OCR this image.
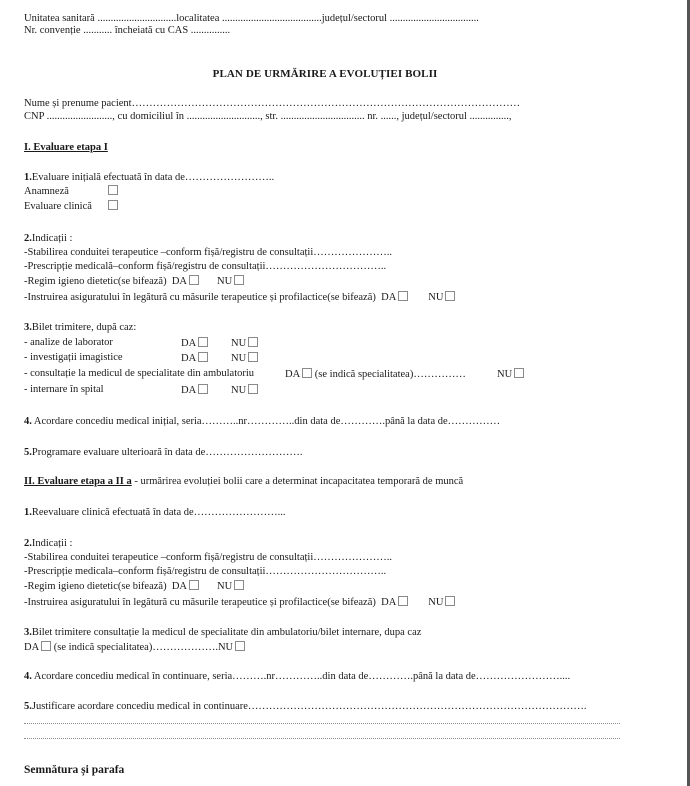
Unitatea sanitară ..............................localitatea ......................................județul/sectorul ..................................
Nr. convenție ........... încheiată cu CAS ...............
PLAN DE URMĂRIRE A EVOLUȚIEI BOLII
Nume și prenume pacient…………………………………………………………………………………………………
CNP ........................., cu domiciliul în ............................, str. ................................ nr. ......, județul/sectorul ...............,
I. Evaluare etapa I
1.Evaluare inițială efectuată în data de……………………..
Anamneză
Evaluare clinică
2.Indicații :
-Stabilirea conduitei terapeutice –conform fișă/registru de consultații…………………..
-Prescripție medicală–conform fișă/registru de consultații……………………………..
-Regim igieno dietetic(se bifează)  DA	NU
-Instruirea asiguratului în legătură cu măsurile terapeutice și profilactice(se bifează)  DA	NU
3.Bilet trimitere, după caz:
- analize de laborator	DA	NU
- investigații imagistice	DA	NU
- consultație la medicul de specialitate din ambulatoriu	DA (se indică specialitatea)……………	NU
- internare în spital	DA	NU
4. Acordare concediu medical inițial, seria………..nr…………..din data de………….până la data de……………
5.Programare evaluare ulterioară în data de……………………….
II. Evaluare etapa a II a - urmărirea evoluției bolii care a determinat incapacitatea temporară de muncă
1.Reevaluare clinică efectuată în data de……………………...
2.Indicații :
-Stabilirea conduitei terapeutice –conform fișă/registru de consultații…………………..
-Prescripție medicala–conform fișă/registru de consultații……………………………..
-Regim igieno dietetic(se bifează)  DA	NU
-Instruirea asiguratului în legătură cu măsurile terapeutice și profilactice(se bifează)  DA	NU
3.Bilet trimitere consultație la medicul de specialitate din ambulatoriu/bilet internare, dupa caz
DA (se indică specialitatea)……………….NU
4. Acordare concediu medical în continuare, seria……….nr…………..din data de………….până la data de……………………....
5.Justificare acordare concediu medical in continuare…………………………………………………………………………………….
Semnătura și parafa
